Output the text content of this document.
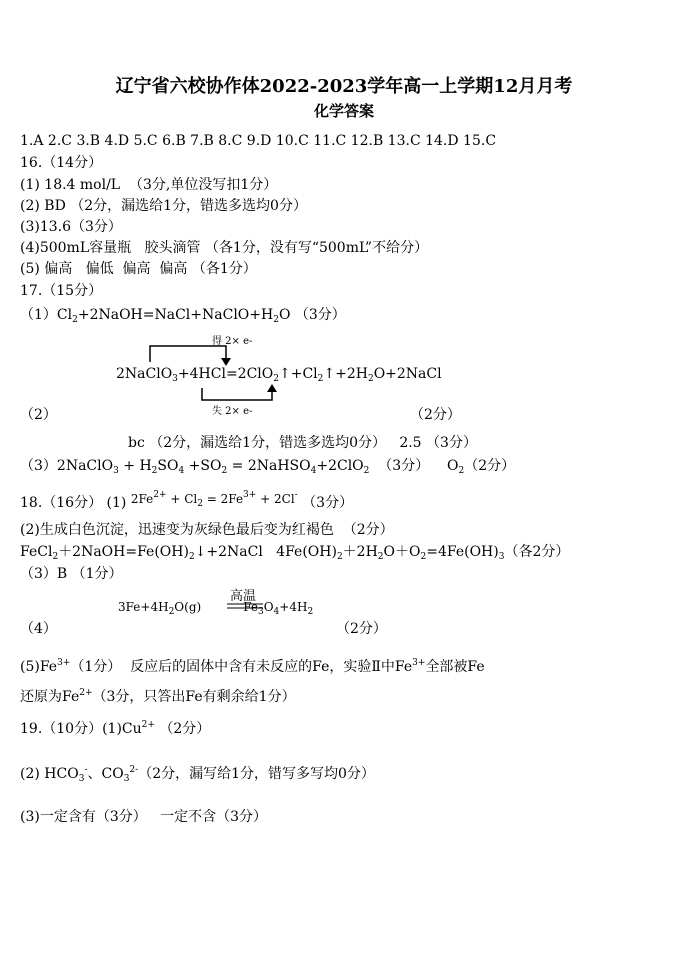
辽宁省六校协作体2022-2023学年高一上学期12月月考
化学答案
1.A 2.C 3.B 4.D 5.C 6.B 7.B 8.C 9.D 10.C 11.C 12.B 13.C 14.D 15.C
16.（14分）
(1) 18.4 mol/L  （3分,单位没写扣1分）
(2) BD （2分，漏选给1分，错选多选均0分）
(3)13.6（3分）
(4)500mL容量瓶   胶头滴管 （各1分，没有写“500mL”不给分）
(5) 偏高   偏低  偏高  偏高 （各1分）
17.（15分）
$(1)Cl_2+2NaOH=NaCl+NaClO+H_2O$ （3分）
得 2× e-
$2NaClO_3+4HCl=2ClO_2↑+Cl_2↑+2H_2O+2NaCl$
失 2× e-
（2）	（2分）
bc （2分，漏选给1分，错选多选均0分）   2.5 （3分）
（3）2NaClO$_3$ + $H_2SO_4 +SO_2$ = 2NaHSO$_4$+2ClO$_2$  （3分）    $O_2(2$分）
18.（16分） (1) $2Fe^{2+} + Cl_2 = 2Fe^{3+} + 2Cl^-$ （3分）
(2)生成白色沉淀，迅速变为灰绿色最后变为红褐色  （2分）
$FeCl_2+2NaOH=Fe(OH)_2↓+2NaCl$   $4Fe(OH)_2+2H_2O+O_2=4Fe(OH)_3$（各2分）
（3）B （1分）
高温
$3Fe+4H_2O(g)$	$Fe_3O_4+4H_2$
（4）	（2分）
$(5)Fe^{3+}(1$分）  反应后的固体中含有未反应的Fe，实验Ⅱ中$Fe^{3+}$全部被Fe
还原为$Fe^{2+}(3$分，只答出Fe有剩余给1分）
19.（10分）$(1)Cu^{2+}$ （2分）
(2) $HCO_3^-$、$CO_3^{2-}(2$分，漏写给1分，错写多写均0分）
(3)一定含有（3分）   一定不含（3分）
